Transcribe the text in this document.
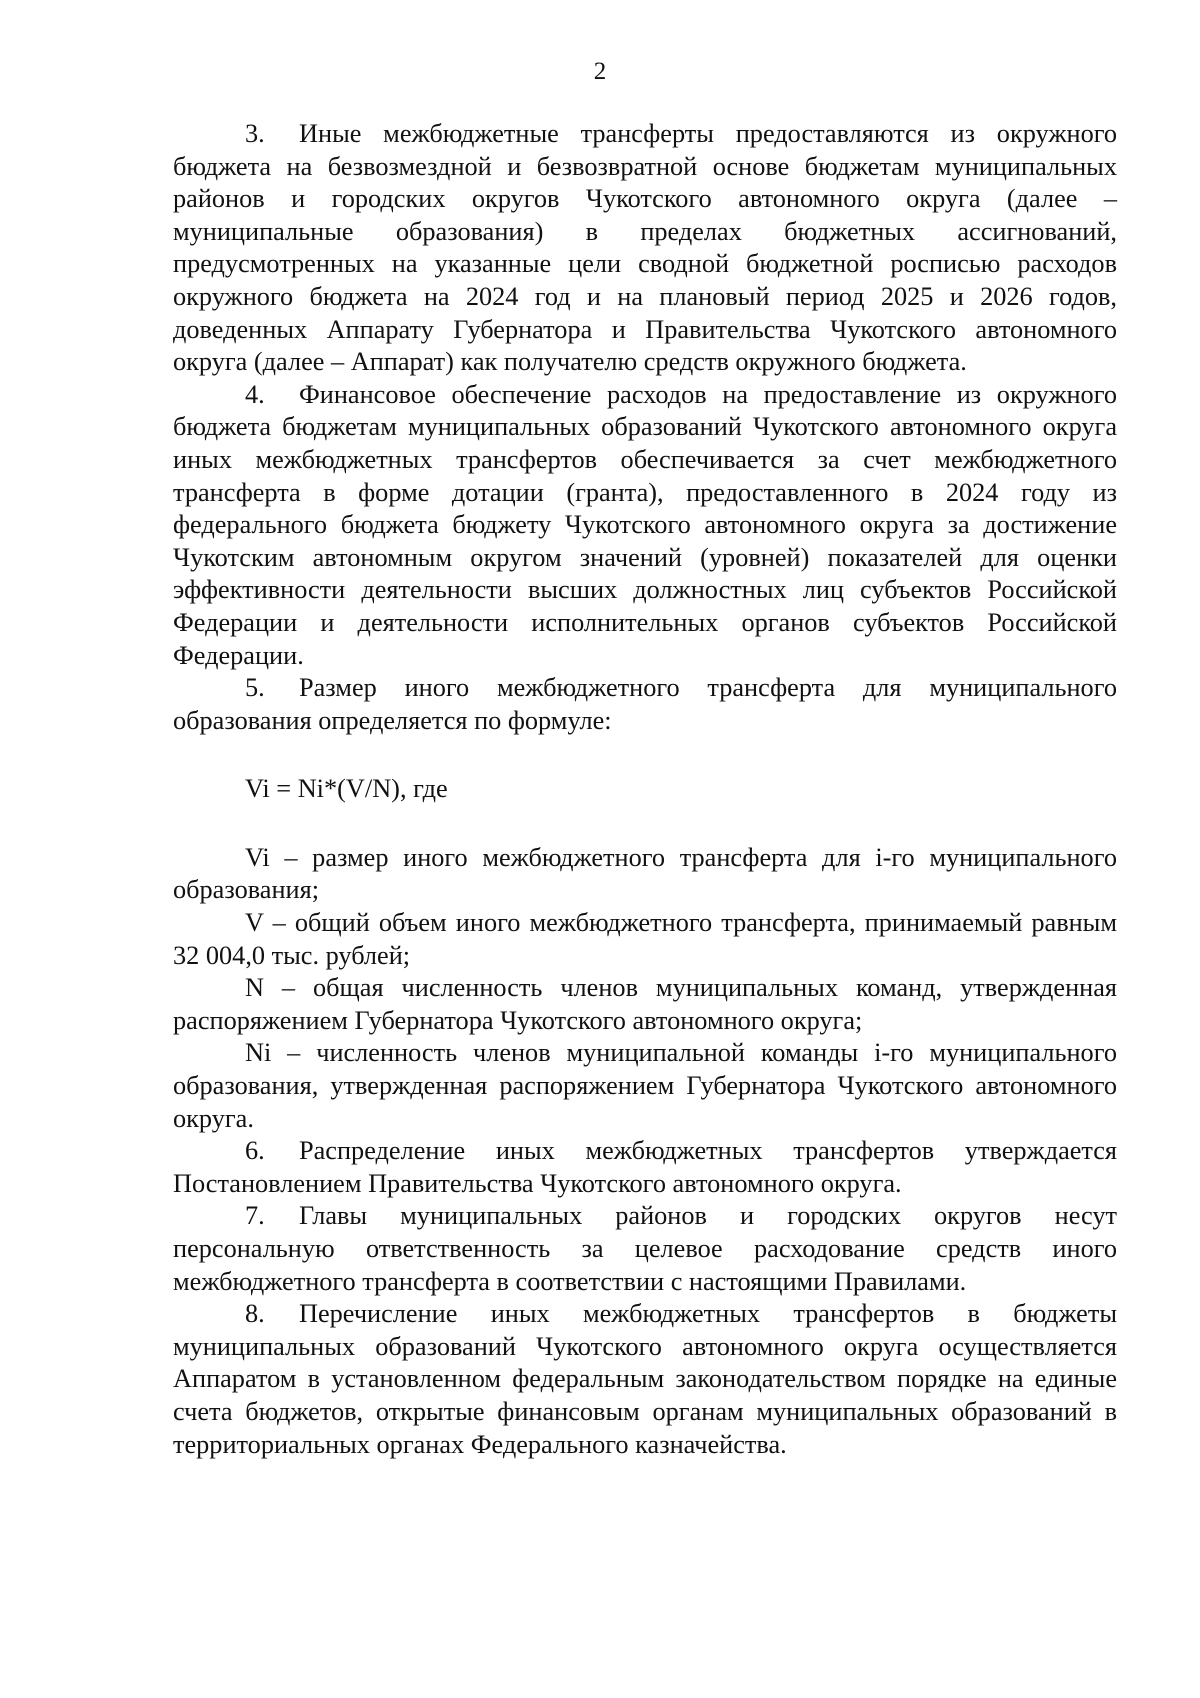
2

3. Иные межбюджетные трансферты предоставляются из окружного бюджета на безвозмездной и безвозвратной основе бюджетам муниципальных районов и городских округов Чукотского автономного округа (далее – муниципальные образования) в пределах бюджетных ассигнований, предусмотренных на указанные цели сводной бюджетной росписью расходов окружного бюджета на 2024 год и на плановый период 2025 и 2026 годов, доведенных Аппарату Губернатора и Правительства Чукотского автономного округа (далее – Аппарат) как получателю средств окружного бюджета.

4. Финансовое обеспечение расходов на предоставление из окружного бюджета бюджетам муниципальных образований Чукотского автономного округа иных межбюджетных трансфертов обеспечивается за счет межбюджетного трансферта в форме дотации (гранта), предоставленного в 2024 году из федерального бюджета бюджету Чукотского автономного округа за достижение Чукотским автономным округом значений (уровней) показателей для оценки эффективности деятельности высших должностных лиц субъектов Российской Федерации и деятельности исполнительных органов субъектов Российской Федерации.

5. Размер иного межбюджетного трансферта для муниципального образования определяется по формуле:

Vi = Ni*(V/N), где

Vi – размер иного межбюджетного трансферта для i-го муниципального образования;

V – общий объем иного межбюджетного трансферта, принимаемый равным 32 004,0 тыс. рублей;

N – общая численность членов муниципальных команд, утвержденная распоряжением Губернатора Чукотского автономного округа;

Ni – численность членов муниципальной команды i-го муниципального образования, утвержденная распоряжением Губернатора Чукотского автономного округа.

6. Распределение иных межбюджетных трансфертов утверждается Постановлением Правительства Чукотского автономного округа.

7. Главы муниципальных районов и городских округов несут персональную ответственность за целевое расходование средств иного межбюджетного трансферта в соответствии с настоящими Правилами.

8. Перечисление иных межбюджетных трансфертов в бюджеты муниципальных образований Чукотского автономного округа осуществляется Аппаратом в установленном федеральным законодательством порядке на единые счета бюджетов, открытые финансовым органам муниципальных образований в территориальных органах Федерального казначейства.
